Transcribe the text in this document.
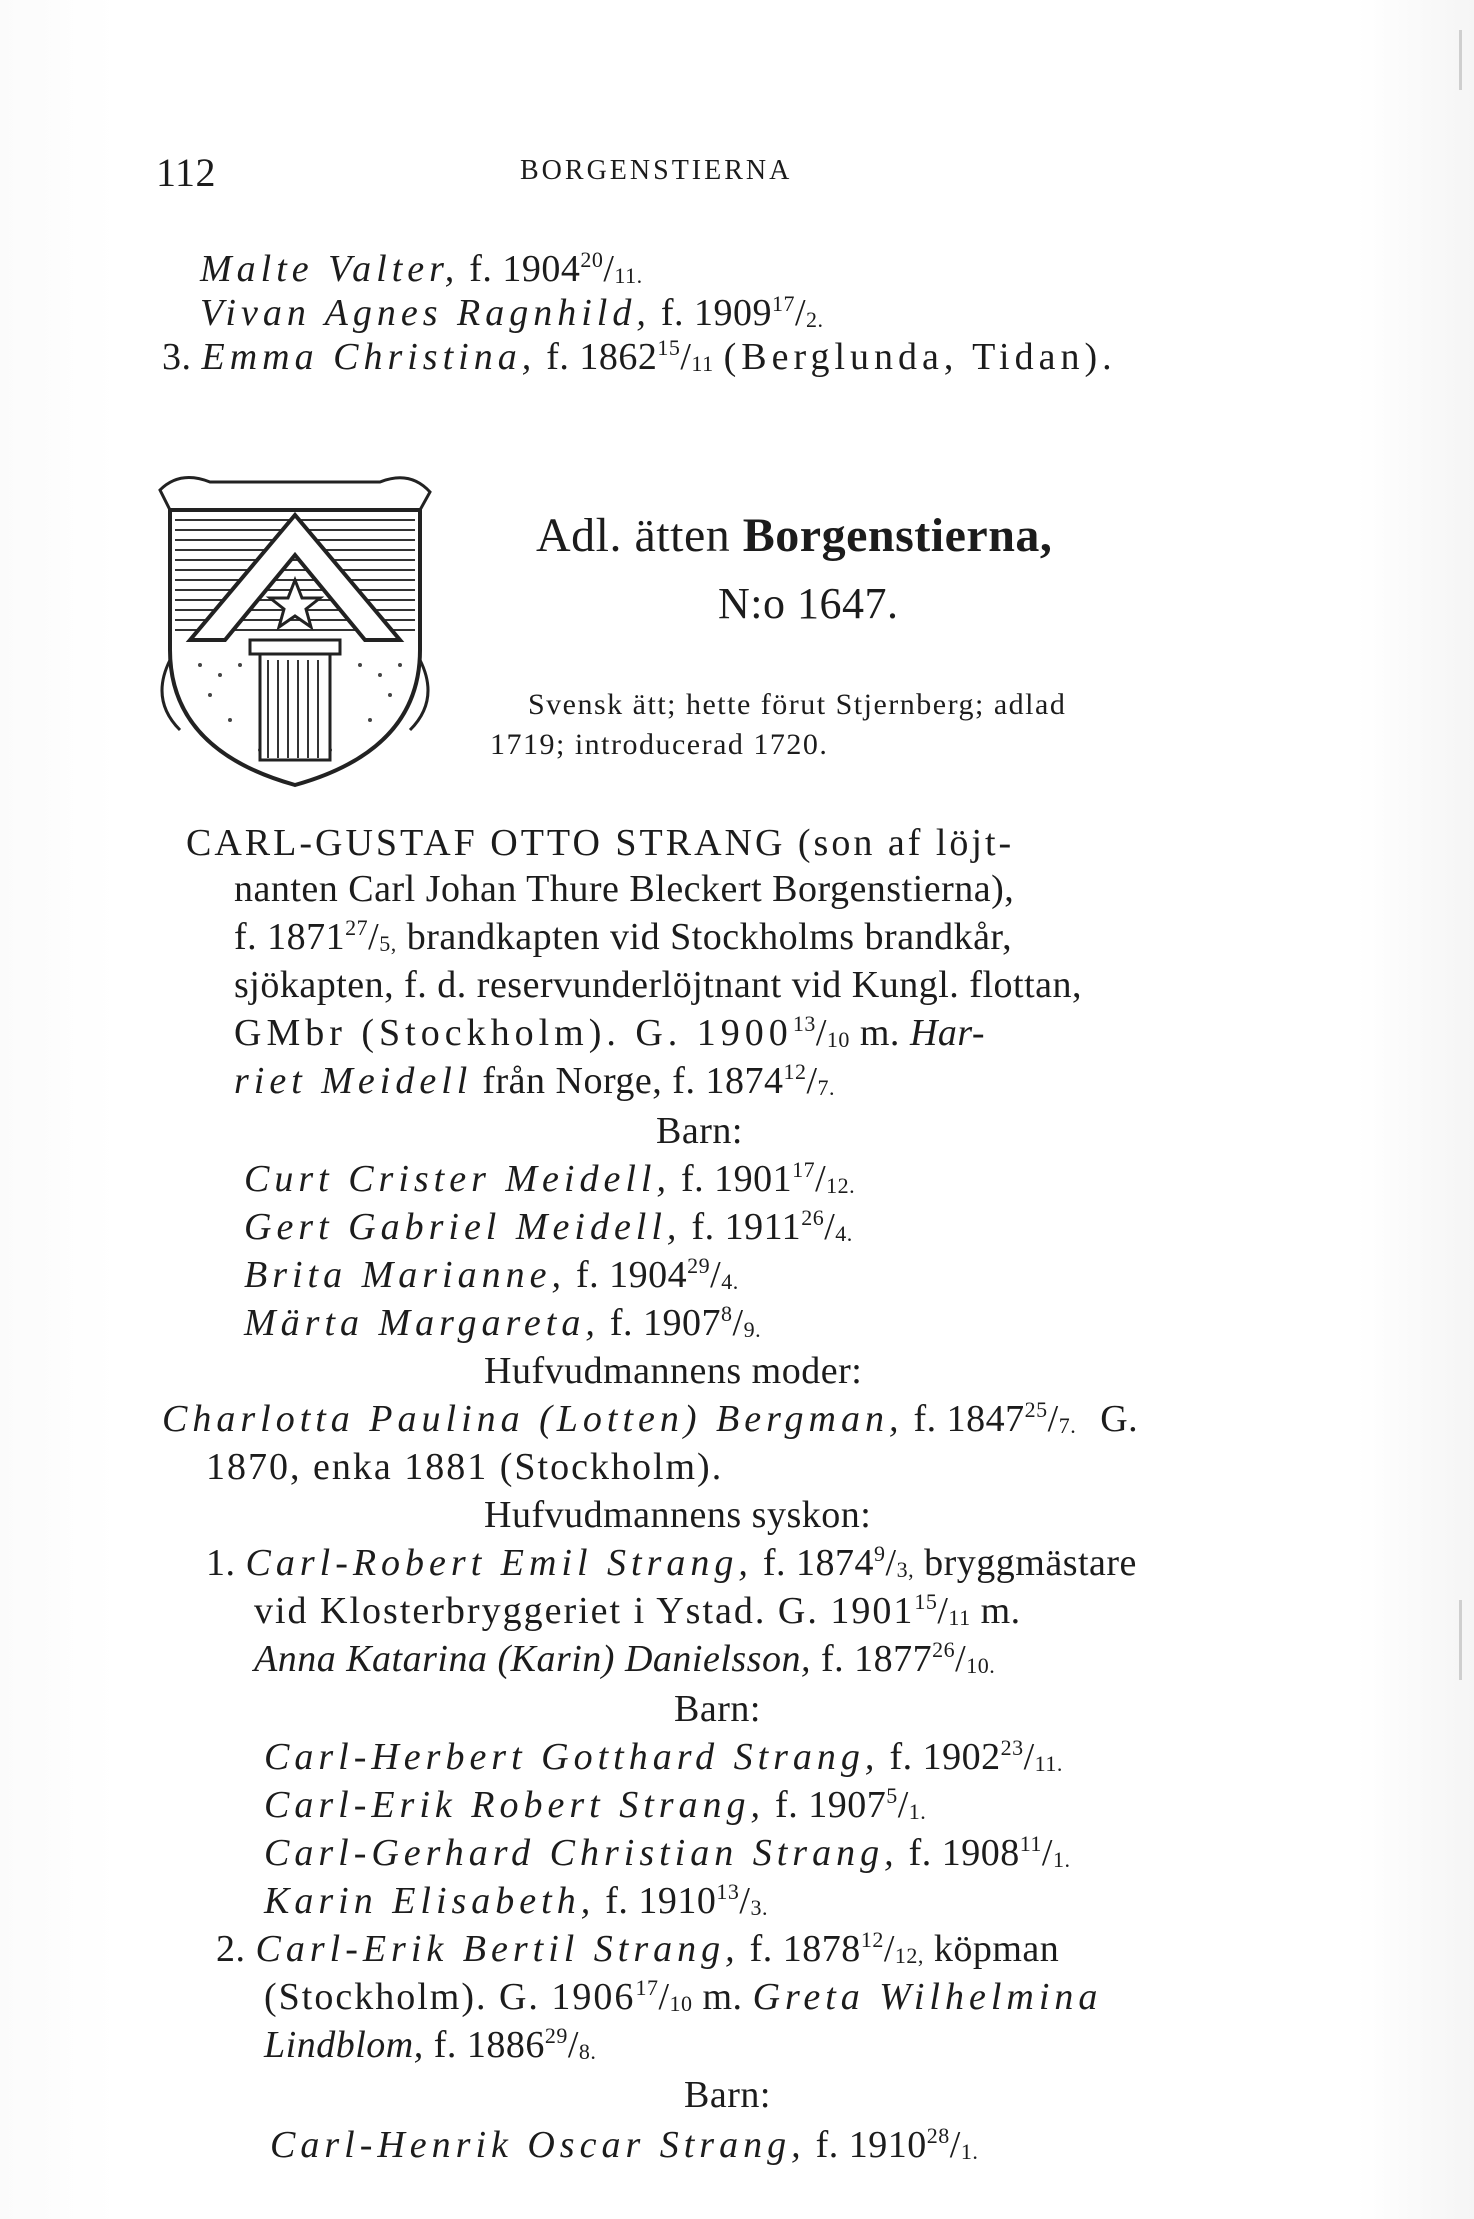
112	BORGENSTIERNA
Malte Valter, f. 1904$^{20}$/11.
Vivan Agnes Ragnhild, f. 1909$^{17}$/2.
3. Emma Christina, f. 1862$^{15}$/11 (Berglunda, Tidan).
Adl. ätten Borgenstierna,
N:o 1647.
Svensk ätt; hette förut Stjernberg; adlad
1719; introducerad 1720.
CARL-GUSTAF OTTO STRANG (son af löjt-
nanten Carl Johan Thure Bleckert Borgenstierna),
f. 1871$^{27}$/5, brandkapten vid Stockholms brandkår,
sjökapten, f. d. reservunderlöjtnant vid Kungl. flottan,
GMbr (Stockholm). G. 1900$^{13}$/10 m. Har-
riet Meidell från Norge, f. 1874$^{12}$/7.
Barn:
Curt Crister Meidell, f. 1901$^{17}$/12.
Gert Gabriel Meidell, f. 1911$^{26}$/4.
Brita Marianne, f. 1904$^{29}$/4.
Märta Margareta, f. 1907$^8$/9.
Hufvudmannens moder:
Charlotta Paulina (Lotten) Bergman, f. 1847$^{25}$/7. G.
1870, enka 1881 (Stockholm).
Hufvudmannens syskon:
1. Carl-Robert Emil Strang, f. 1874$^9$/3, bryggmästare
vid Klosterbryggeriet i Ystad. G. 1901$^{15}$/11 m.
Anna Katarina (Karin) Danielsson, f. 1877$^{26}$/10.
Barn:
Carl-Herbert Gotthard Strang, f. 1902$^{23}$/11.
Carl-Erik Robert Strang, f. 1907$^5$/1.
Carl-Gerhard Christian Strang, f. 1908$^{11}$/1.
Karin Elisabeth, f. 1910$^{13}$/3.
2. Carl-Erik Bertil Strang, f. 1878$^{12}$/12, köpman
(Stockholm). G. 1906$^{17}$/10 m. Greta Wilhelmina
Lindblom, f. 1886$^{29}$/8.
Barn:
Carl-Henrik Oscar Strang, f. 1910$^{28}$/1.
